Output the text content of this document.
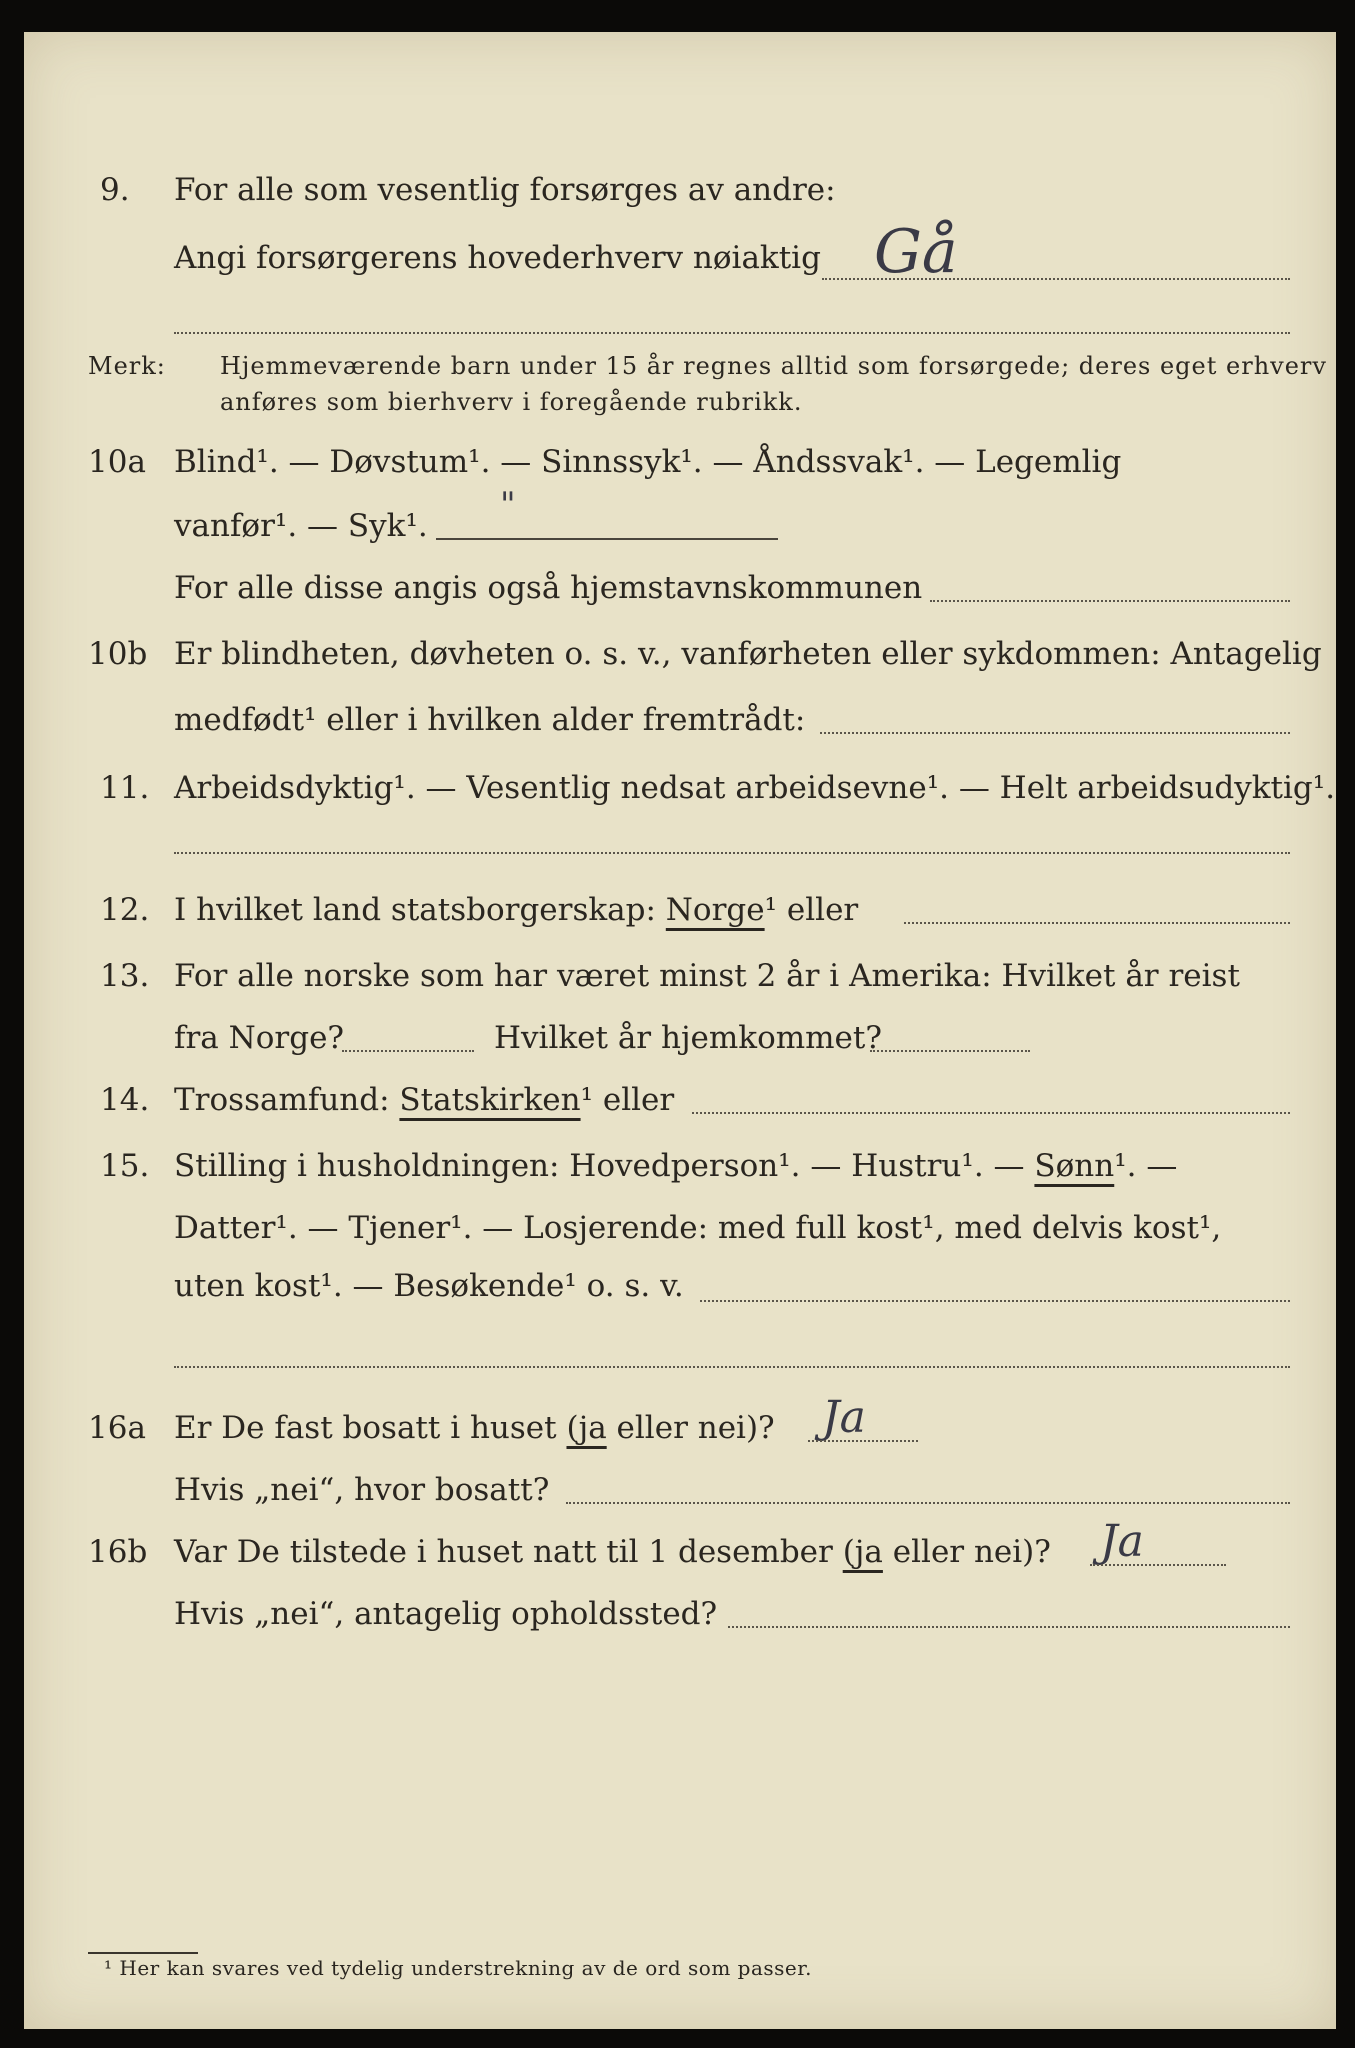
9. For alle som vesentlig forsørges av andre:
Angi forsørgerens hovederhverv nøiaktig Gå
Merk: Hjemmeværende barn under 15 år regnes alltid som forsørgede; deres eget erhverv
anføres som bierhverv i foregående rubrikk.
10a Blind¹. — Døvstum¹. — Sinnssyk¹. — Åndssvak¹. — Legemlig
vanfør¹. — Syk¹.
"
For alle disse angis også hjemstavnskommunen
10b Er blindheten, døvheten o. s. v., vanførheten eller sykdommen: Antagelig
medfødt¹ eller i hvilken alder fremtrådt:
11. Arbeidsdyktig¹. — Vesentlig nedsat arbeidsevne¹. — Helt arbeidsudyktig¹.
12. I hvilket land statsborgerskap: Norge¹ eller
13. For alle norske som har været minst 2 år i Amerika: Hvilket år reist
fra Norge?	Hvilket år hjemkommet?
14. Trossamfund: Statskirken¹ eller
15. Stilling i husholdningen: Hovedperson¹. — Hustru¹. — Sønn¹. —
Datter¹. — Tjener¹. — Losjerende: med full kost¹, med delvis kost¹,
uten kost¹. — Besøkende¹ o. s. v.
16a Er De fast bosatt i huset (ja eller nei)? Ja
Hvis „nei“, hvor bosatt?
16b Var De tilstede i huset natt til 1 desember (ja eller nei)? Ja
Hvis „nei“, antagelig opholdssted?
¹ Her kan svares ved tydelig understrekning av de ord som passer.
